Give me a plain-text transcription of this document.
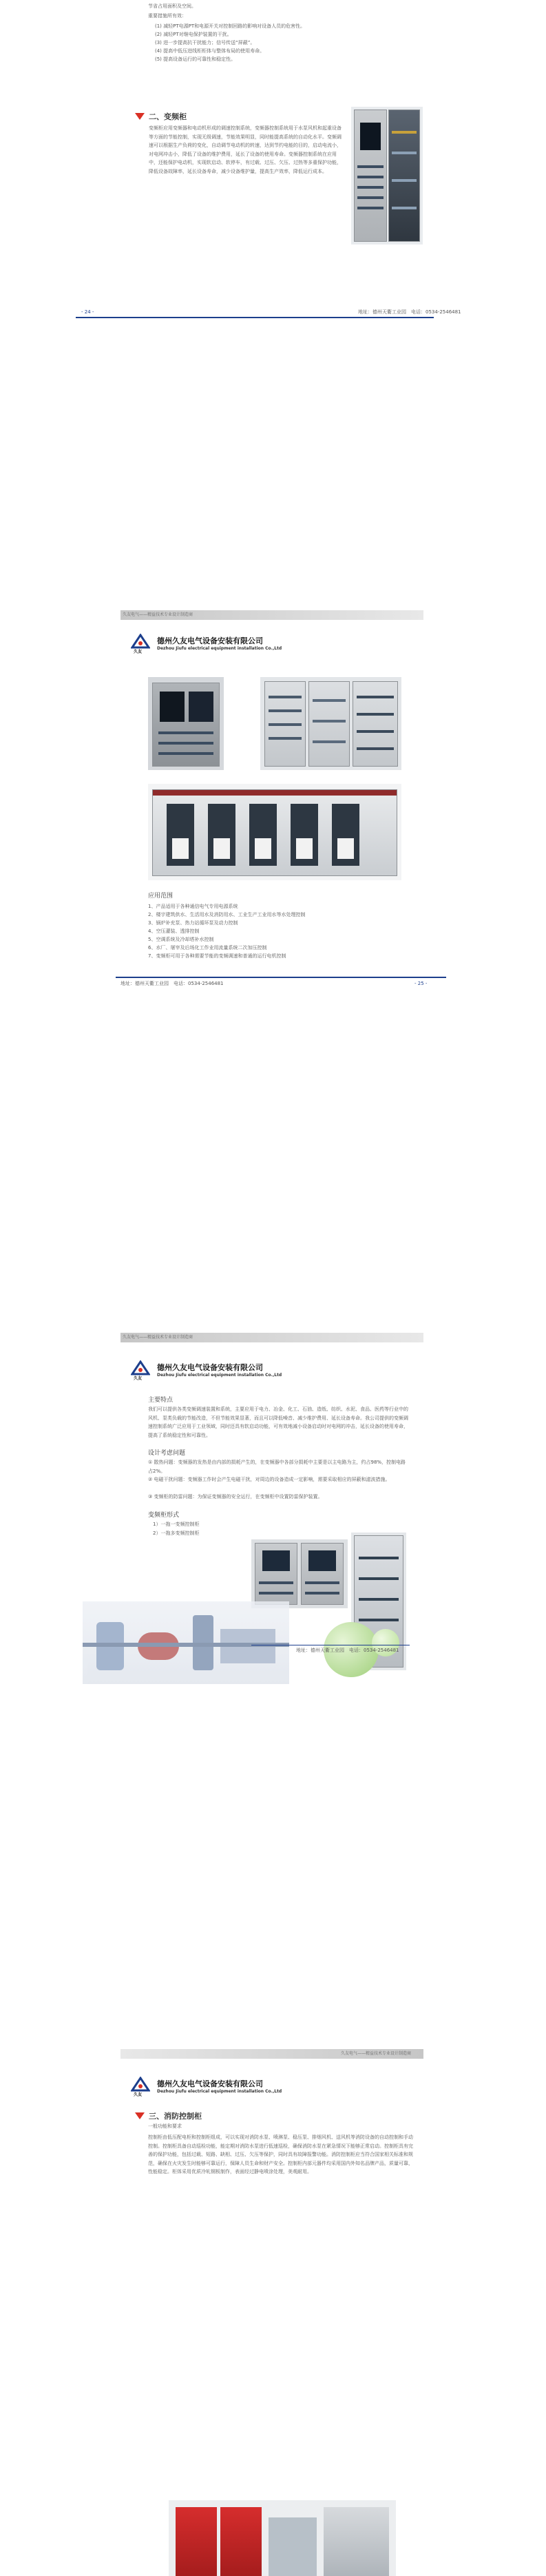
节省占用面积及空间。
重要措施所有效：
(1) 减轻PT电源PT和电源开关对控制回路的影响对设备人员的危害性。
(2) 减轻PT对继电保护装置的干扰。
(3) 进一步提高抗干扰能力；信号传送“屏蔽”。
(4) 提高中低压进线柜柜体与整体布局的使用寿命。
(5) 提高设备运行的可靠性和稳定性。
二、变频柜
变频柜应用变频器和电动机形成的调速控制系统，变频器控制系统用于水泵风机和起重设备等方面的节能控制，实现无级调速，节能效果明显，同时能提高系统的自动化水平。变频调速可以根据生产负荷的变化，自动调节电动机的转速，达到节约电能的目的，启动电流小，对电网冲击小，降低了设备的维护费用，延长了设备的使用寿命。变频器控制系统在应用中，还能保护电动机，实现软启动、软停车，有过载、过压、欠压、过热等多重保护功能，降低设备故障率，延长设备寿命，减少设备维护量，提高生产效率，降低运行成本。
- 24 -	地址：德州天衢工业园　电话：0534-2546481
久友电气——精益技术专业设计制造商
久友
德州久友电气设备安装有限公司
Dezhou Jiufu electrical equipment installation Co.,Ltd
应用范围
1、产品适用于各种通信电气专用电源系统
2、楼宇建筑供水、生活用水及消防用水、工业生产工业用水等水处理控制
3、锅炉补充泵、热力站循环泵及动力控制
4、空压灌装、透排控制
5、空调系统及冷却塔补水控制
6、水厂、屠宰及后场化工作业用流量系统二次加压控制
7、变频柜可用于各种需要节能的变频调速和普通的运行电机控制
地址：德州天衢工业园　电话：0534-2546481	- 25 -
久友电气——精益技术专业设计制造商
久友
德州久友电气设备安装有限公司
Dezhou Jiufu electrical equipment installation Co.,Ltd
主要特点
我们可以提供各类变频调速装置和系统，主要应用于电力、冶金、化工、石油、造纸、纺织、水泥、食品、医药等行业中的风机、泵类负载的节能改造，不但节能效果显著，而且可以降低噪音、减少维护费用、延长设备寿命。我公司提供的变频调速控制系统广泛应用于工业领域，同时还具有软启动功能，可有效地减小设备启动时对电网的冲击，延长设备的使用寿命，提高了系统稳定性和可靠性。
设计考虑问题
① 散热问题：变频器的发热是由内部的损耗产生的，在变频器中各部分损耗中主要是以主电路为主，约占98%，控制电路占2%。
② 电磁干扰问题：变频器工作时会产生电磁干扰，对周边的设备造成一定影响，需要采取相应的屏蔽和滤波措施。
③ 变频柜的防雷问题：为保证变频器的安全运行，在变频柜中设置防雷保护装置。
变频柜形式
1）一拖一变频控制柜
2）一拖多变频控制柜
地址：德州天衢工业园　电话：0534-2546481
久友电气——精益技术专业设计制造商
久友
德州久友电气设备安装有限公司
Dezhou Jiufu electrical equipment installation Co.,Ltd
三、消防控制柜
一般功能和要求
控制柜由低压配电柜和控制柜组成，可以实现对消防水泵、喷淋泵、稳压泵、排烟风机、送风机等消防设备的自动控制和手动控制。控制柜具备自动巡检功能，能定期对消防水泵进行低速巡检，确保消防水泵在紧急情况下能够正常启动。控制柜具有完善的保护功能，包括过载、短路、缺相、过压、欠压等保护，同时具有故障报警功能。消防控制柜应当符合国家相关标准和规范，确保在火灾发生时能够可靠运行，保障人员生命和财产安全。控制柜内部元器件均采用国内外知名品牌产品，质量可靠，性能稳定。柜体采用优质冷轧钢板制作，表面经过静电喷涂处理，美观耐用。
